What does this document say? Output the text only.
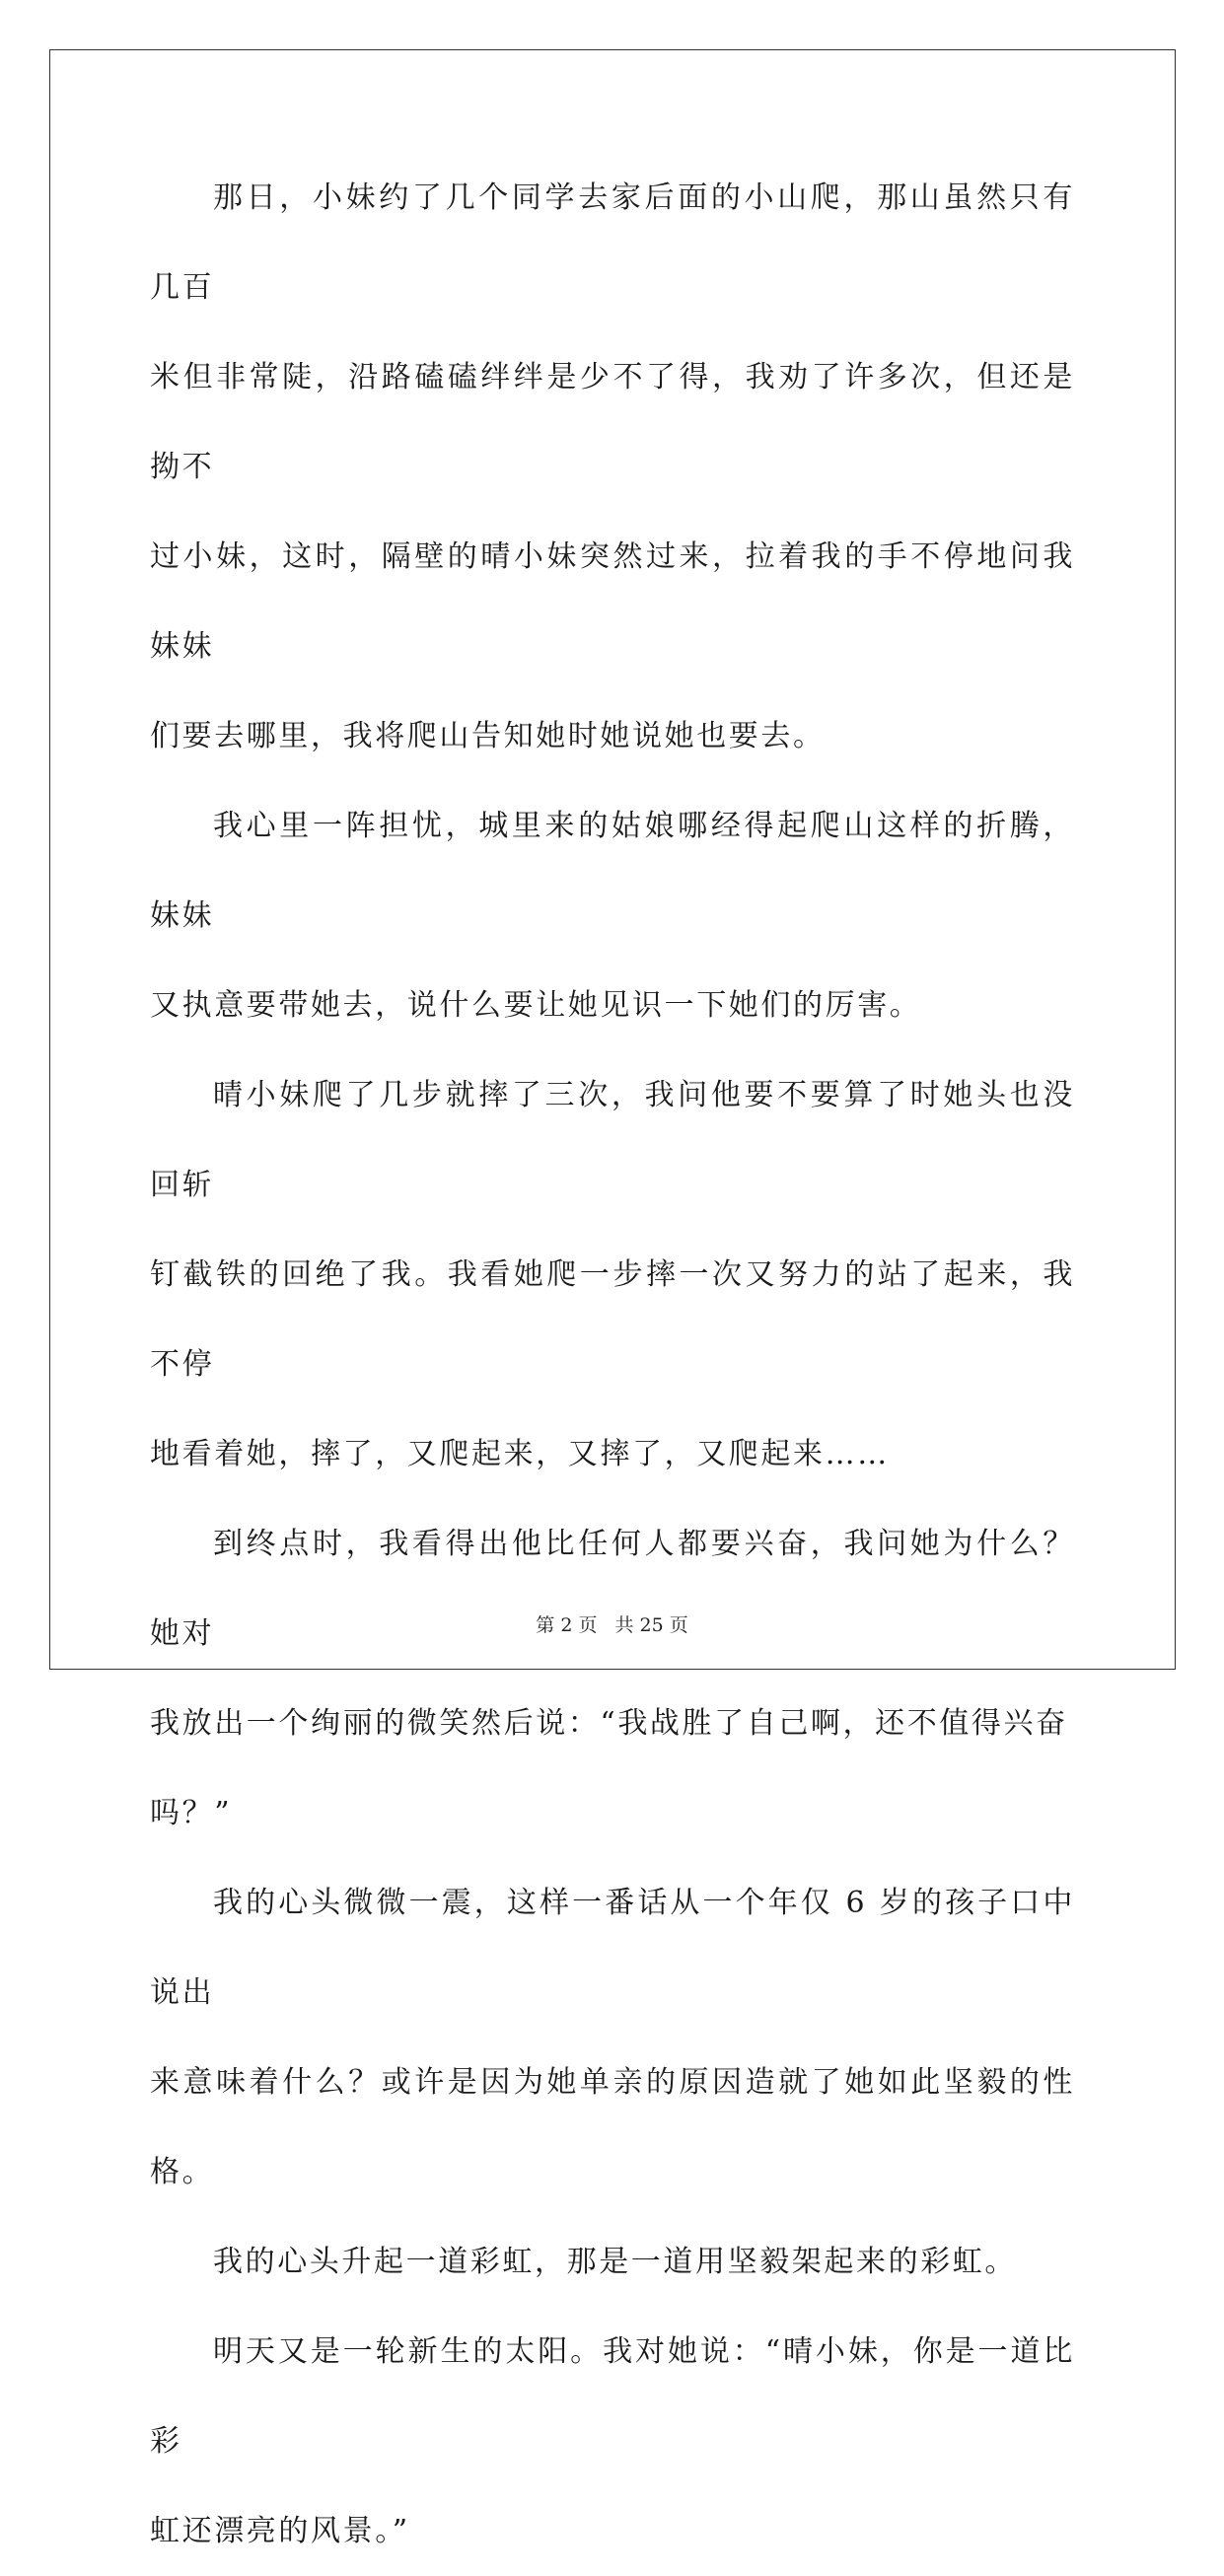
那日，小妹约了几个同学去家后面的小山爬，那山虽然只有几百
米但非常陡，沿路磕磕绊绊是少不了得，我劝了许多次，但还是拗不
过小妹，这时，隔壁的晴小妹突然过来，拉着我的手不停地问我妹妹
们要去哪里，我将爬山告知她时她说她也要去。

我心里一阵担忧，城里来的姑娘哪经得起爬山这样的折腾，妹妹
又执意要带她去，说什么要让她见识一下她们的厉害。

晴小妹爬了几步就摔了三次，我问他要不要算了时她头也没回斩
钉截铁的回绝了我。我看她爬一步摔一次又努力的站了起来，我不停
地看着她，摔了，又爬起来，又摔了，又爬起来……

到终点时，我看得出他比任何人都要兴奋，我问她为什么？她对
我放出一个绚丽的微笑然后说：“我战胜了自己啊，还不值得兴奋
吗？”

我的心头微微一震，这样一番话从一个年仅 6 岁的孩子口中说出
来意味着什么？或许是因为她单亲的原因造就了她如此坚毅的性格。

我的心头升起一道彩虹，那是一道用坚毅架起来的彩虹。

明天又是一轮新生的太阳。我对她说：“晴小妹，你是一道比彩
虹还漂亮的风景。”

第 2 页 共 25 页
